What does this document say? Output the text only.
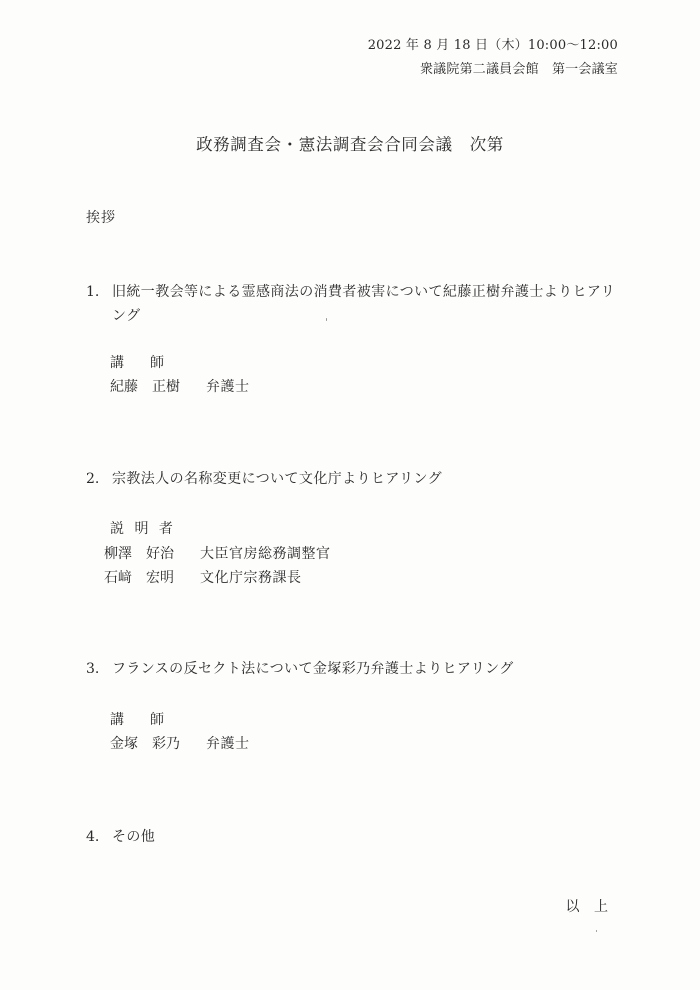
2022 年 8 月 18 日（木）10:00～12:00
衆議院第二議員会館　第一会議室
政務調査会・憲法調査会合同会議　次第
挨拶
1. 旧統一教会等による霊感商法の消費者被害について紀藤正樹弁護士よりヒアリング
講　師
紀藤　正樹	弁護士
2. 宗教法人の名称変更について文化庁よりヒアリング
説 明 者
柳澤　好治	大臣官房総務調整官
石﨑　宏明	文化庁宗務課長
3. フランスの反セクト法について金塚彩乃弁護士よりヒアリング
講　師
金塚　彩乃	弁護士
4. その他
以 上
